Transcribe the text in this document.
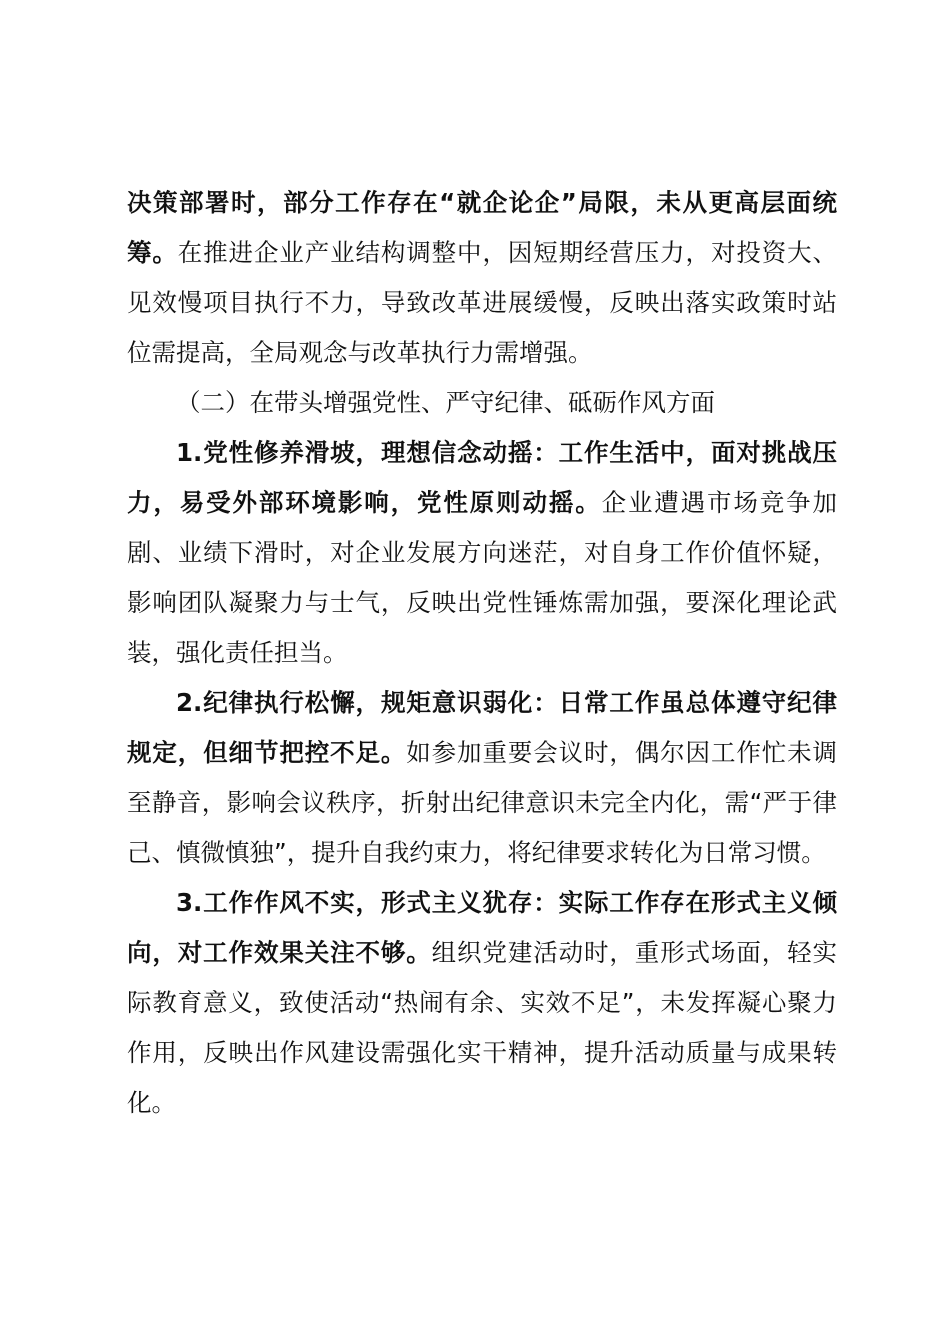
决策部署时，部分工作存在“就企论企”局限，未从更高层面统筹。在推进企业产业结构调整中，因短期经营压力，对投资大、见效慢项目执行不力，导致改革进展缓慢，反映出落实政策时站位需提高，全局观念与改革执行力需增强。

（二）在带头增强党性、严守纪律、砥砺作风方面

1.党性修养滑坡，理想信念动摇：工作生活中，面对挑战压力，易受外部环境影响，党性原则动摇。企业遭遇市场竞争加剧、业绩下滑时，对企业发展方向迷茫，对自身工作价值怀疑，影响团队凝聚力与士气，反映出党性锤炼需加强，要深化理论武装，强化责任担当。

2.纪律执行松懈，规矩意识弱化：日常工作虽总体遵守纪律规定，但细节把控不足。如参加重要会议时，偶尔因工作忙未调至静音，影响会议秩序，折射出纪律意识未完全内化，需“严于律己、慎微慎独”，提升自我约束力，将纪律要求转化为日常习惯。

3.工作作风不实，形式主义犹存：实际工作存在形式主义倾向，对工作效果关注不够。组织党建活动时，重形式场面，轻实际教育意义，致使活动“热闹有余、实效不足”，未发挥凝心聚力作用，反映出作风建设需强化实干精神，提升活动质量与成果转化。
